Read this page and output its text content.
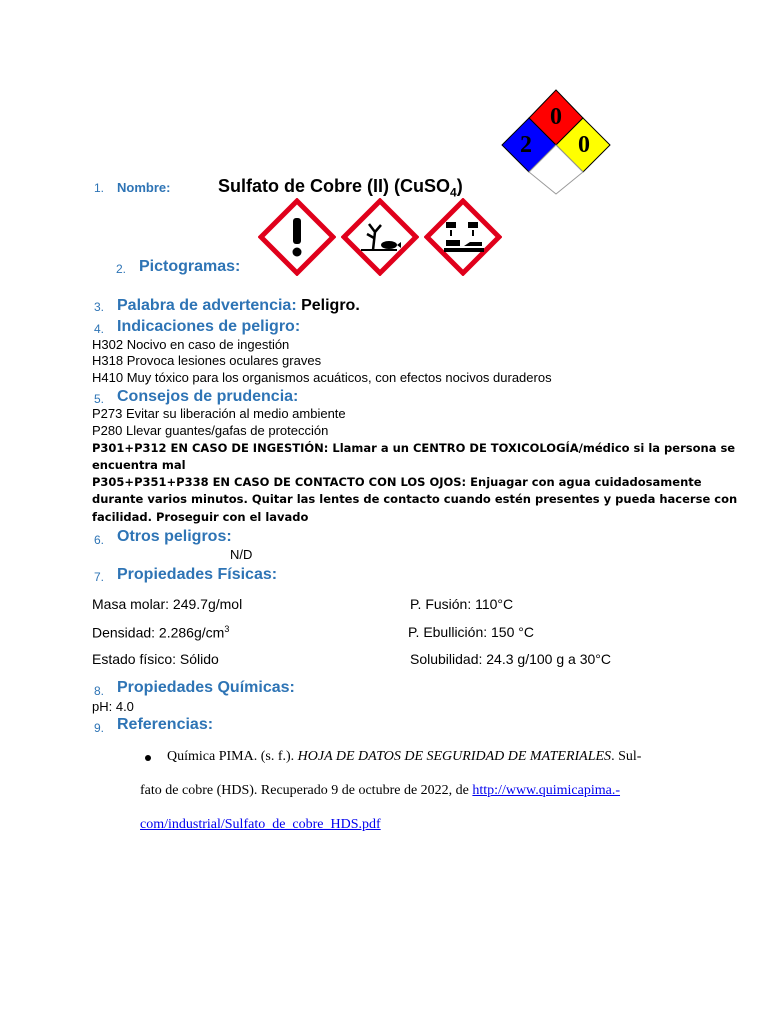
0
2 0
1. Nombre:	Sulfato de Cobre (II) (CuSO$_4$)
2. Pictogramas:
3. Palabra de advertencia: Peligro.
4. Indicaciones de peligro:
H302 Nocivo en caso de ingestión
H318 Provoca lesiones oculares graves
H410 Muy tóxico para los organismos acuáticos, con efectos nocivos duraderos
5. Consejos de prudencia:
P273 Evitar su liberación al medio ambiente
P280 Llevar guantes/gafas de protección
P301+P312 EN CASO DE INGESTIÓN: Llamar a un CENTRO DE TOXICOLOGÍA/médico si la persona se
encuentra mal
P305+P351+P338 EN CASO DE CONTACTO CON LOS OJOS: Enjuagar con agua cuidadosamente
durante varios minutos. Quitar las lentes de contacto cuando estén presentes y pueda hacerse con
facilidad. Proseguir con el lavado
6. Otros peligros:
N/D
7. Propiedades Físicas:
Masa molar: 249.7g/mol	P. Fusión: 110°C
Densidad: $2.286g/cm^3$	P. Ebullición: 150 °C
Estado físico: Sólido	Solubilidad: 24.3 g/100 g a 30°C
8. Propiedades Químicas:
pH: 4.0
9. Referencias:
Química PIMA. (s. f.). HOJA DE DATOS DE SEGURIDAD DE MATERIALES. Sul-
fato de cobre (HDS). Recuperado 9 de octubre de 2022, de http://www.quimicapima.-
com/industrial/Sulfato_de_cobre_HDS.pdf
